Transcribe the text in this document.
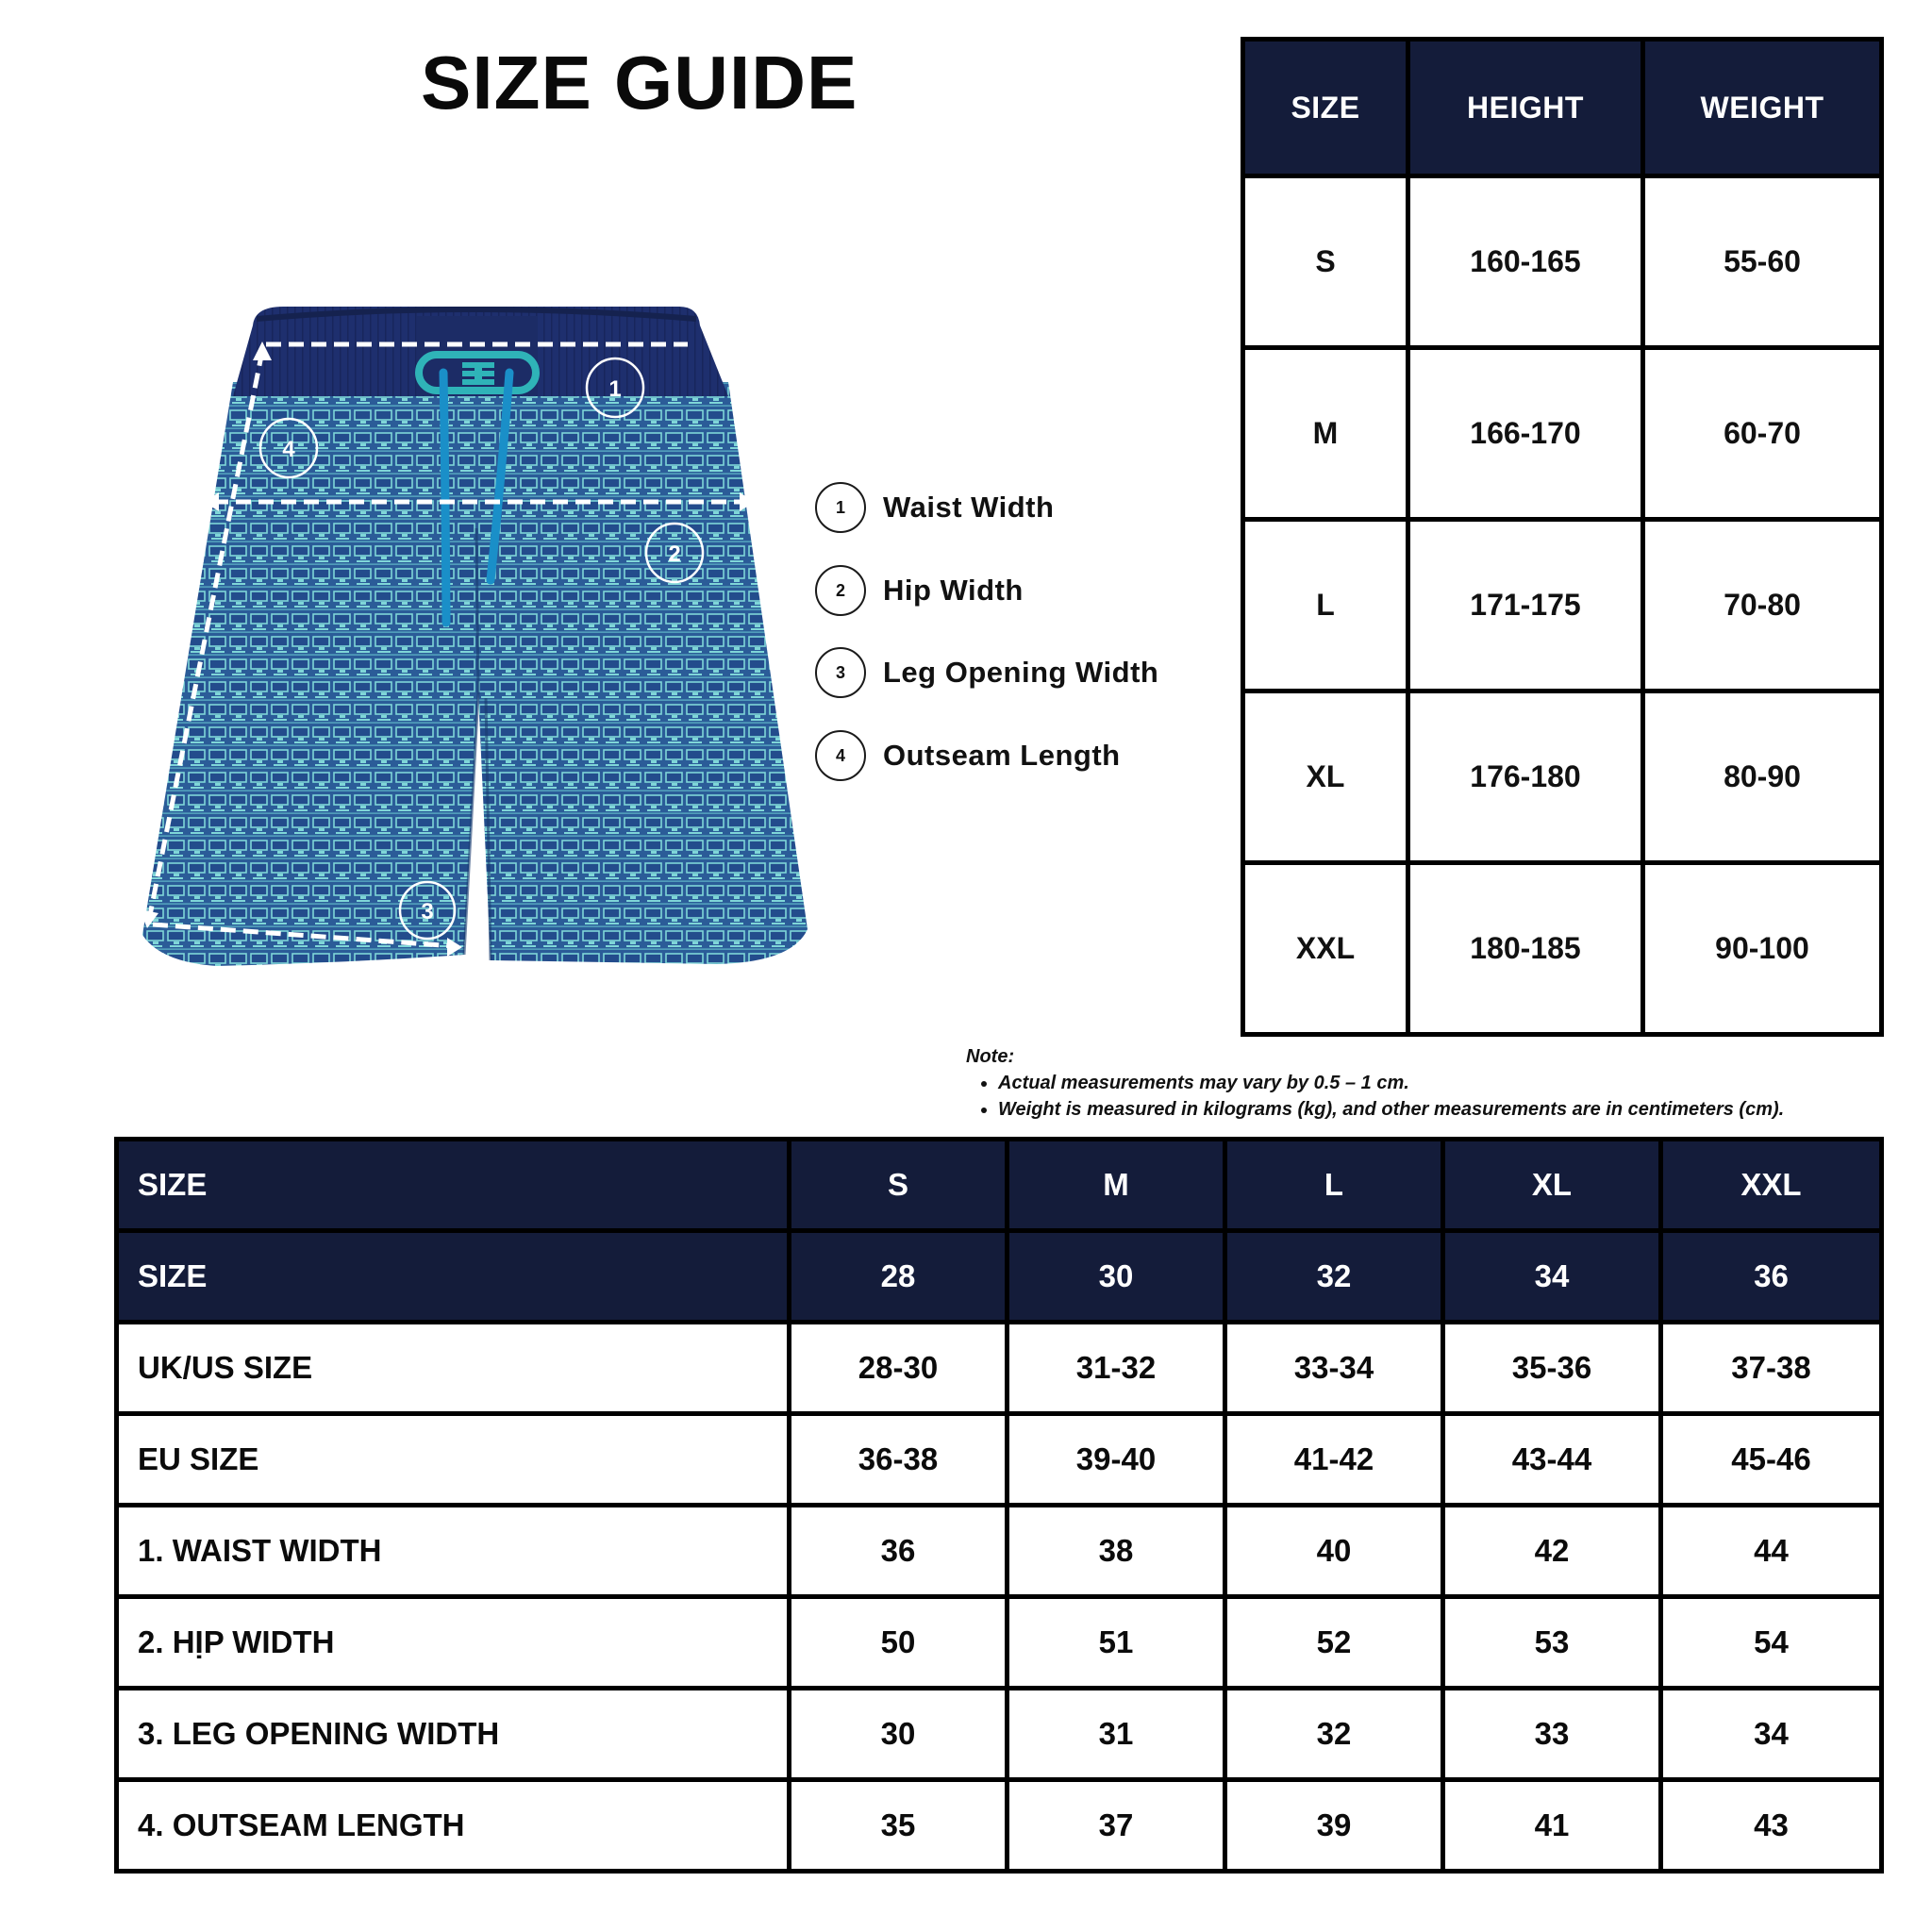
SIZE GUIDE
1
2
3
4
1	Waist Width
2	Hip Width
3	Leg Opening Width
4	Outseam Length
SIZE	HEIGHT	WEIGHT
S	160-165	55-60
M	166-170	60-70
L	171-175	70-80
XL	176-180	80-90
XXL	180-185	90-100
Note:
• Actual measurements may vary by 0.5 – 1 cm.
• Weight is measured in kilograms (kg), and other measurements are in centimeters (cm).
SIZE	S	M	L	XL	XXL
SIZE	28	30	32	34	36
UK/US SIZE	28-30	31-32	33-34	35-36	37-38
EU SIZE	36-38	39-40	41-42	43-44	45-46
1. WAIST WIDTH	36	38	40	42	44
2. HỊP WIDTH	50	51	52	53	54
3. LEG OPENING WIDTH	30	31	32	33	34
4. OUTSEAM LENGTH	35	37	39	41	43
